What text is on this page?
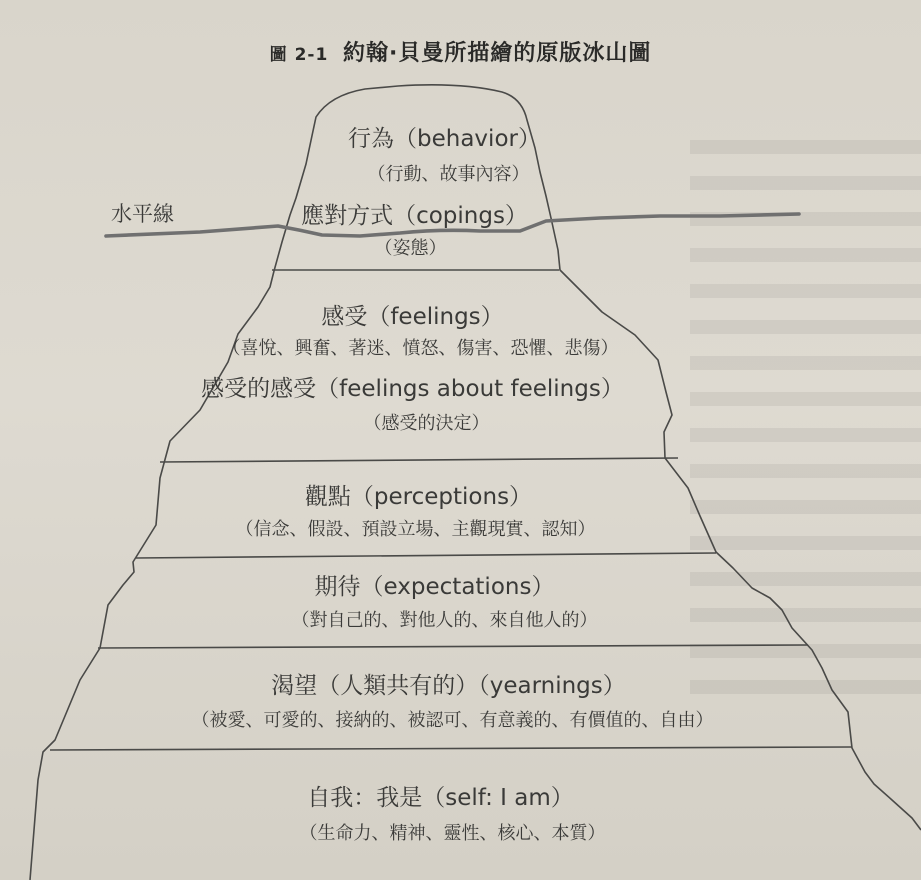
圖 2-1 約翰·貝曼所描繪的原版冰山圖
水平線
行為（behavior）
（行動、故事內容）
應對方式（copings）
（姿態）
感受（feelings）
（喜悅、興奮、著迷、憤怒、傷害、恐懼、悲傷）
感受的感受（feelings about feelings）
（感受的決定）
觀點（perceptions）
（信念、假設、預設立場、主觀現實、認知）
期待（expectations）
（對自己的、對他人的、來自他人的）
渴望（人類共有的）（yearnings）
（被愛、可愛的、接納的、被認可、有意義的、有價值的、自由）
自我：我是（self: I am）
（生命力、精神、靈性、核心、本質）
